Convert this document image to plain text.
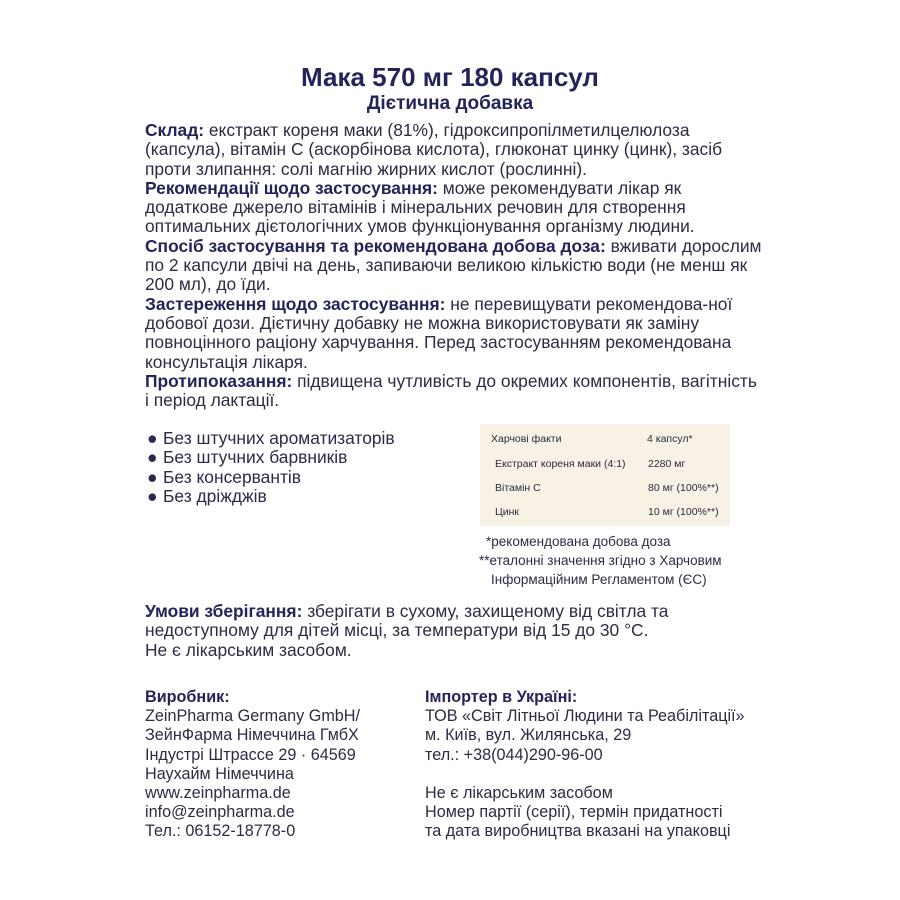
Мака 570 мг 180 капсул
Дієтична добавка

Склад: екстракт кореня маки (81%), гідроксипропілметилцелюлоза (капсула), вітамін С (аскорбінова кислота), глюконат цинку (цинк), засіб проти злипання: солі магнію жирних кислот (рослинні).

Рекомендації щодо застосування: може рекомендувати лікар як додаткове джерело вітамінів і мінеральних речовин для створення оптимальних дієтологічних умов функціонування організму людини.

Спосіб застосування та рекомендована добова доза: вживати дорослим по 2 капсули двічі на день, запиваючи великою кількістю води (не менш як 200 мл), до їди.

Застереження щодо застосування: не перевищувати рекомендова-ної добової дози. Дієтичну добавку не можна використовувати як заміну повноцінного раціону харчування. Перед застосуванням рекомендована консультація лікаря.

Протипоказання: підвищена чутливість до окремих компонентів, вагітність і період лактації.

● Без штучних ароматизаторів
● Без штучних барвників
● Без консервантів
● Без дріжджів
Харчові факти	4 капсул*
Екстракт кореня маки (4:1) 2280 мг
Вітамін С	80 мг (100%**)
Цинк	10 мг (100%**)
*рекомендована добова доза
**еталонні значення згідно з Харчовим
Інформаційним Регламентом (ЄС)
Умови зберігання: зберігати в сухому, захищеному від світла та недоступному для дітей місці, за температури від 15 до 30 °С.
Не є лікарським засобом.
Виробник:
ZeinPharma Germany GmbH/
ЗейнФарма Німеччина ГмбХ
Індустрі Штрассе 29 · 64569
Наухайм Німеччина
www.zeinpharma.de
info@zeinpharma.de
Тел.: 06152-18778-0
Імпортер в Україні:
ТОВ «Світ Літньої Людини та Реабілітації»
м. Київ, вул. Жилянська, 29
тел.: +38(044)290-96-00
Не є лікарським засобом
Номер партії (серії), термін придатності
та дата виробництва вказані на упаковці
